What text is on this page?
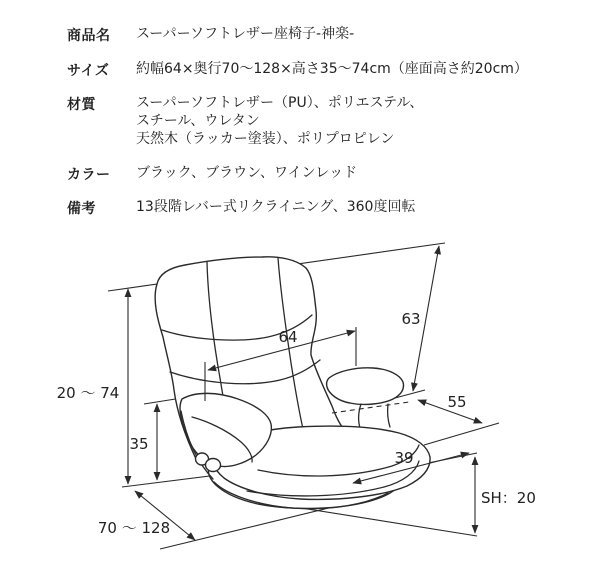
商品名 スーパーソフトレザー座椅子-神楽-
サイズ 約幅64×奥行70〜128×高さ35〜74cm（座面高さ約20cm）
材質	スーパーソフトレザー（PU）、ポリエステル、
スチール、ウレタン
天然木（ラッカー塗装）、ポリプロピレン
カラー ブラック、ブラウン、ワインレッド
備考	13段階レバー式リクライニング、360度回転
20 〜 74
35
64
63
55
39
SH：20
70 〜 128
